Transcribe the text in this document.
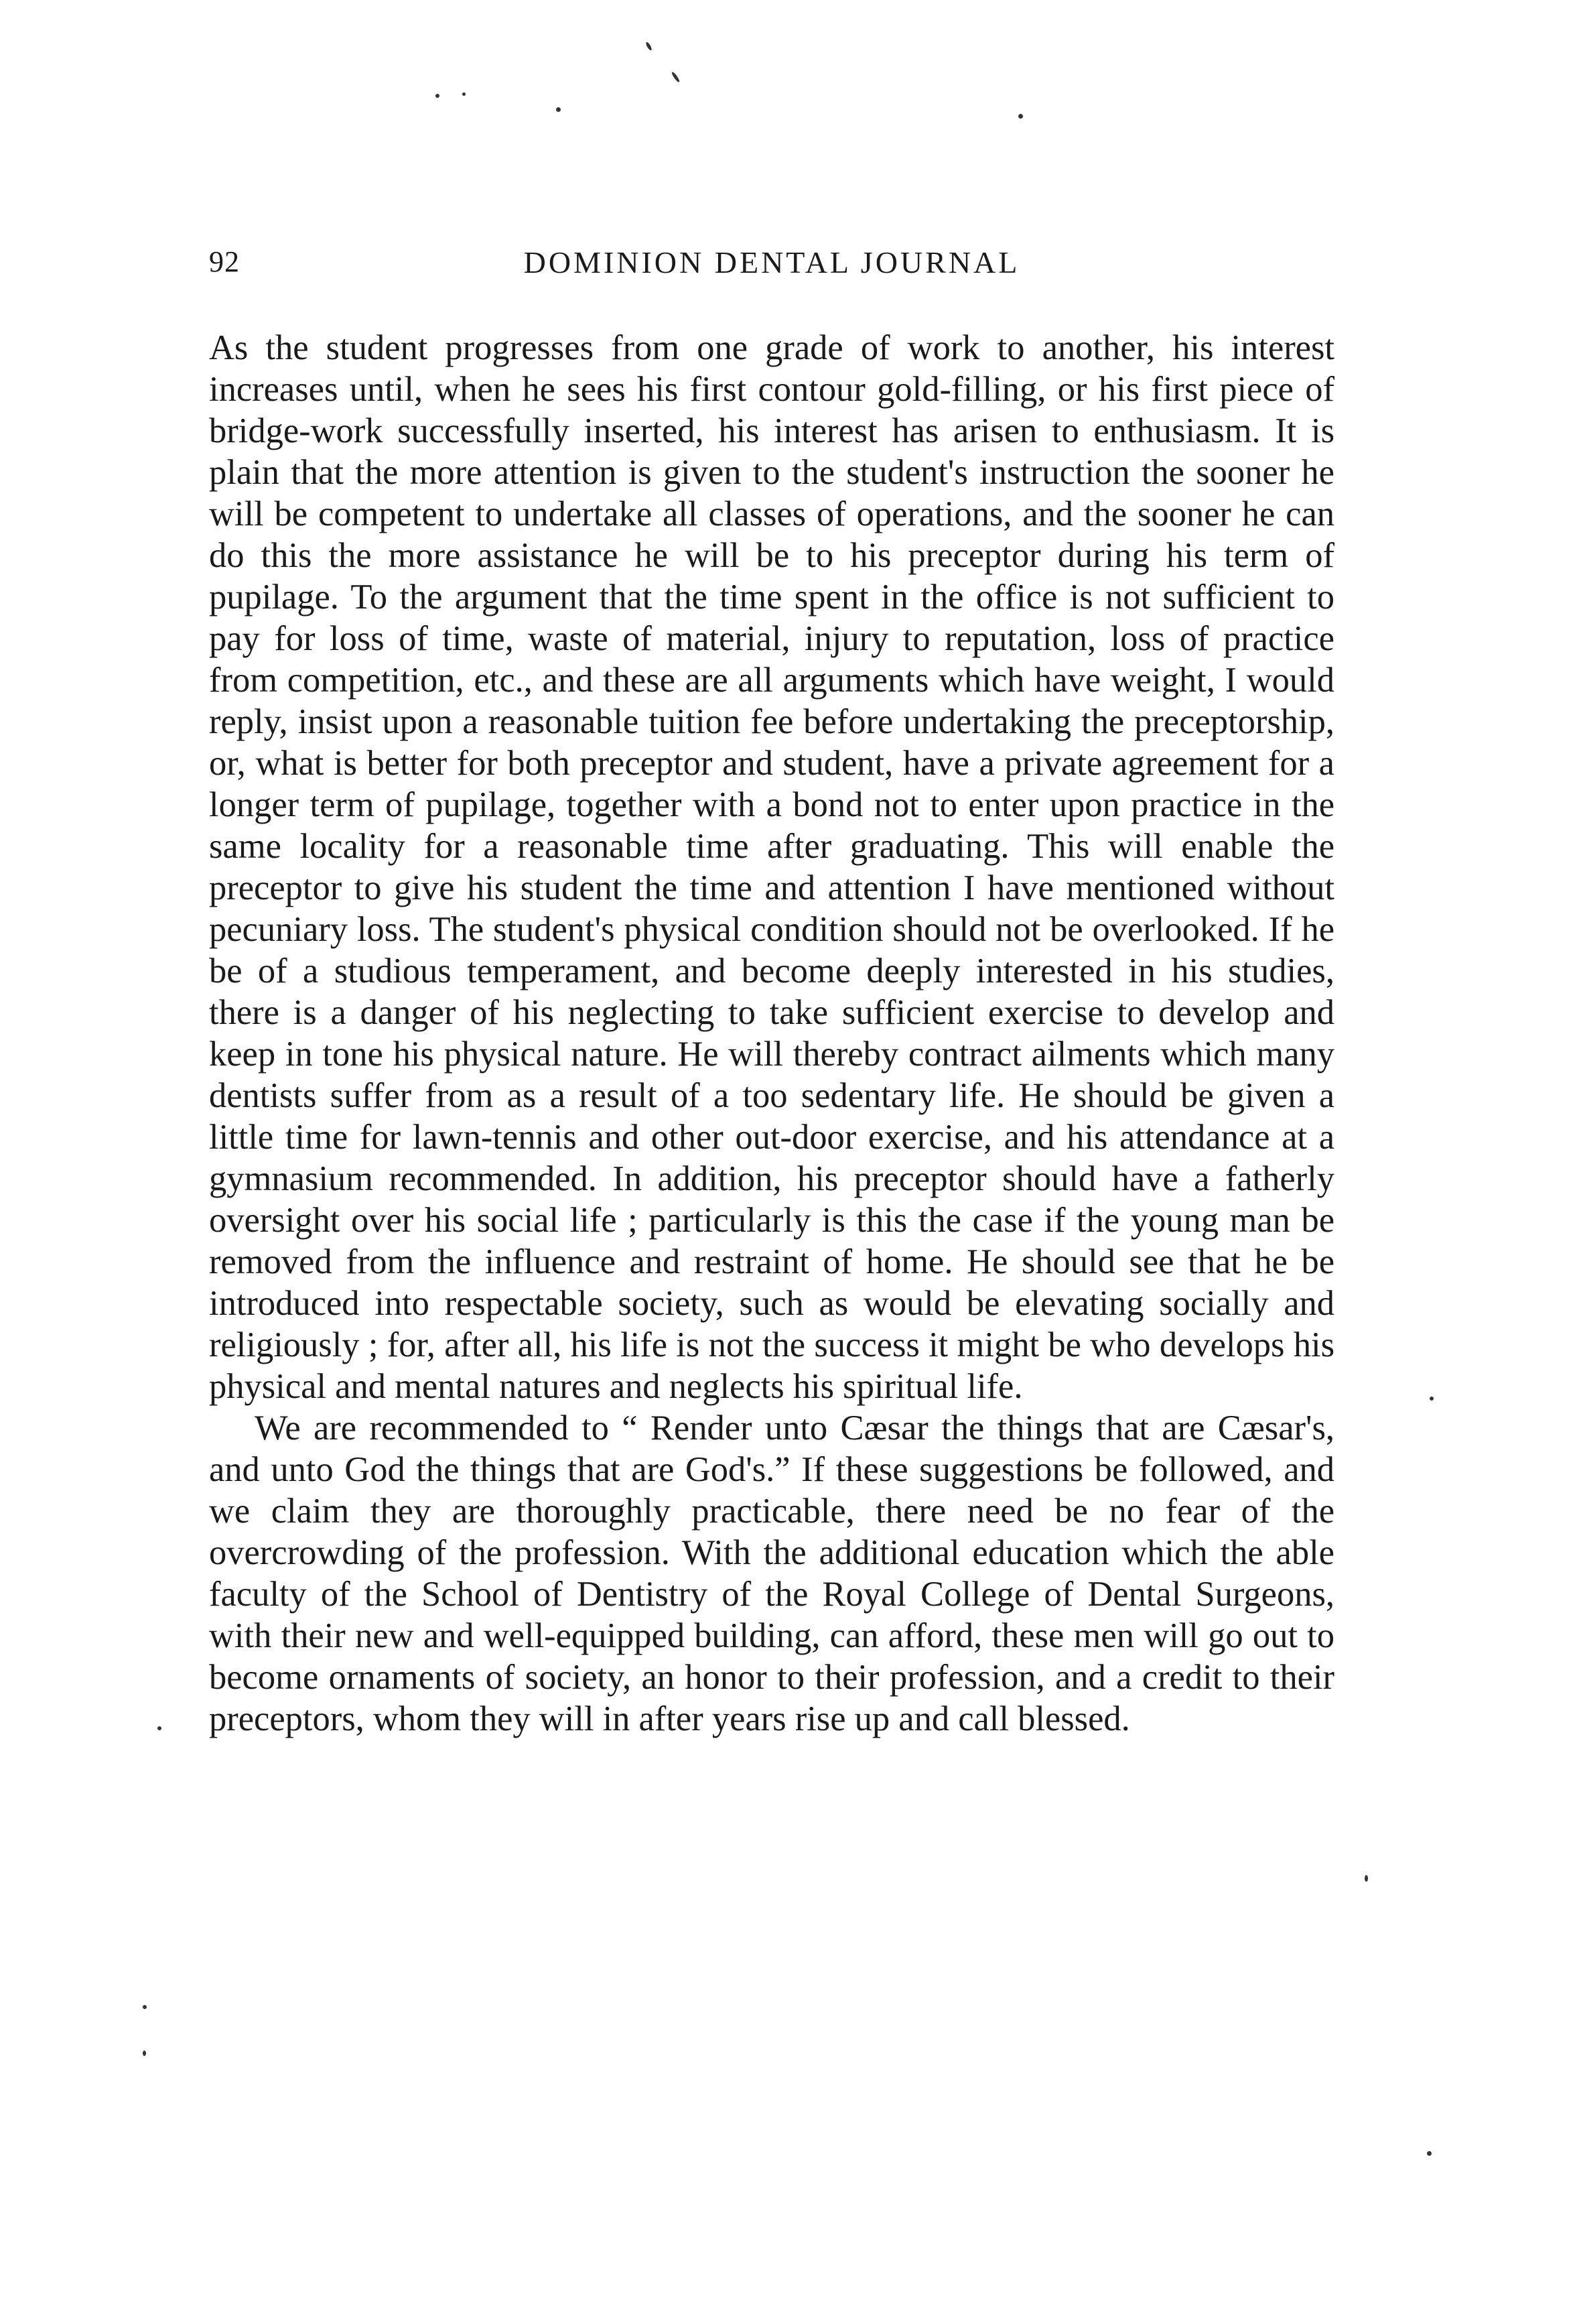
92	DOMINION DENTAL JOURNAL

As the student progresses from one grade of work to another, his interest increases until, when he sees his first contour gold-filling, or his first piece of bridge-work successfully inserted, his interest has arisen to enthusiasm. It is plain that the more attention is given to the student's instruction the sooner he will be competent to undertake all classes of operations, and the sooner he can do this the more assistance he will be to his preceptor during his term of pupilage. To the argument that the time spent in the office is not sufficient to pay for loss of time, waste of material, injury to reputation, loss of practice from competition, etc., and these are all arguments which have weight, I would reply, insist upon a reasonable tuition fee before undertaking the preceptorship, or, what is better for both preceptor and student, have a private agreement for a longer term of pupilage, together with a bond not to enter upon practice in the same locality for a reasonable time after graduating. This will enable the preceptor to give his student the time and attention I have mentioned without pecuniary loss. The student's physical condition should not be overlooked. If he be of a studious temperament, and become deeply interested in his studies, there is a danger of his neglecting to take sufficient exercise to develop and keep in tone his physical nature. He will thereby contract ailments which many dentists suffer from as a result of a too sedentary life. He should be given a little time for lawn-tennis and other out-door exercise, and his attendance at a gymnasium recommended. In addition, his preceptor should have a fatherly oversight over his social life ; particularly is this the case if the young man be removed from the influence and restraint of home. He should see that he be introduced into respectable society, such as would be elevating socially and religiously ; for, after all, his life is not the success it might be who develops his physical and mental natures and neglects his spiritual life.

We are recommended to “ Render unto Cæsar the things that are Cæsar's, and unto God the things that are God's.” If these suggestions be followed, and we claim they are thoroughly practicable, there need be no fear of the overcrowding of the profession. With the additional education which the able faculty of the School of Dentistry of the Royal College of Dental Surgeons, with their new and well-equipped building, can afford, these men will go out to become ornaments of society, an honor to their profession, and a credit to their preceptors, whom they will in after years rise up and call blessed.
